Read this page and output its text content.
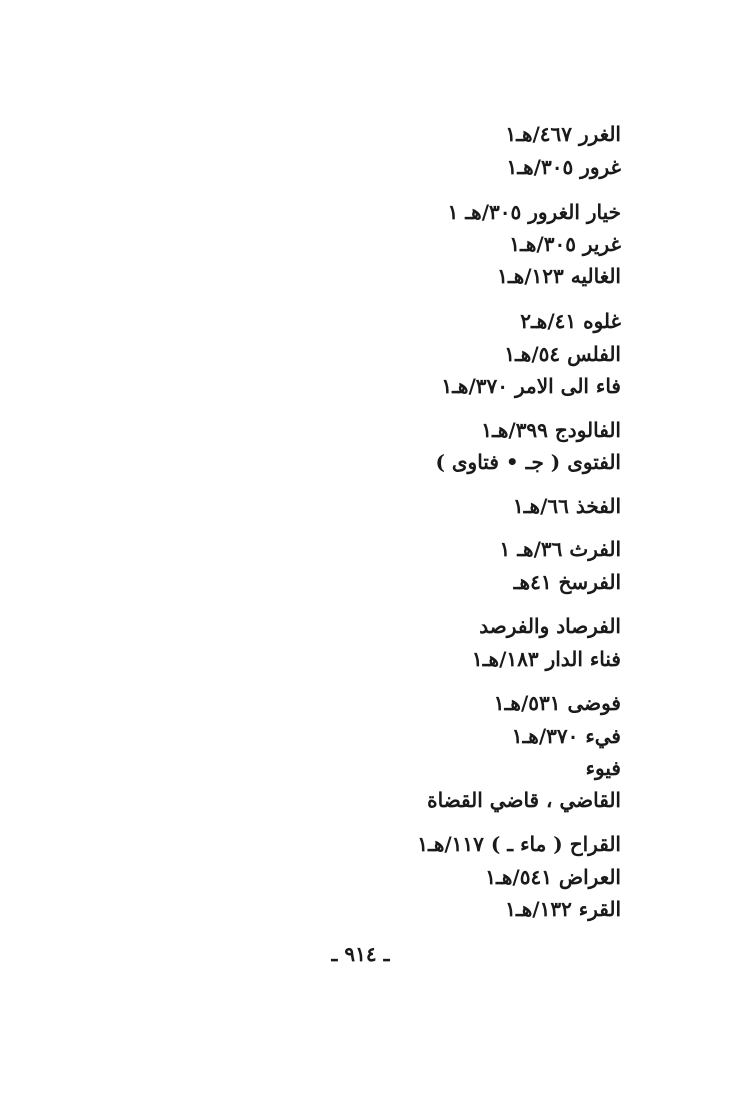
الغرر ٤٦٧/هـ١
غرور ٣٠٥/هـ١
خيار الغرور ٣٠٥/هـ ١
غرير ٣٠٥/هـ١
الغاليه ١٢٣/هـ١
غلوه ٤١/هـ٢
الفلس ٥٤/هـ١
فاء الى الامر ٣٧٠/هـ١
الفالودج ٣٩٩/هـ١
الفتوى ( جـ • فتاوى )
الفخذ ٦٦/هـ١
الفرث ٣٦/هـ ١
الفرسخ ٤١هـ
الفرصاد والفرصد
فناء الدار ١٨٣/هـ١
فوضى ٥٣١/هـ١
فيء ٣٧٠/هـ١
فيوء
القاضي ، قاضي القضاة
القراح ( ماء ـ ) ١١٧/هـ١
العراض ٥٤١/هـ١
القرء ١٣٢/هـ١
ـ ٩١٤ ـ
